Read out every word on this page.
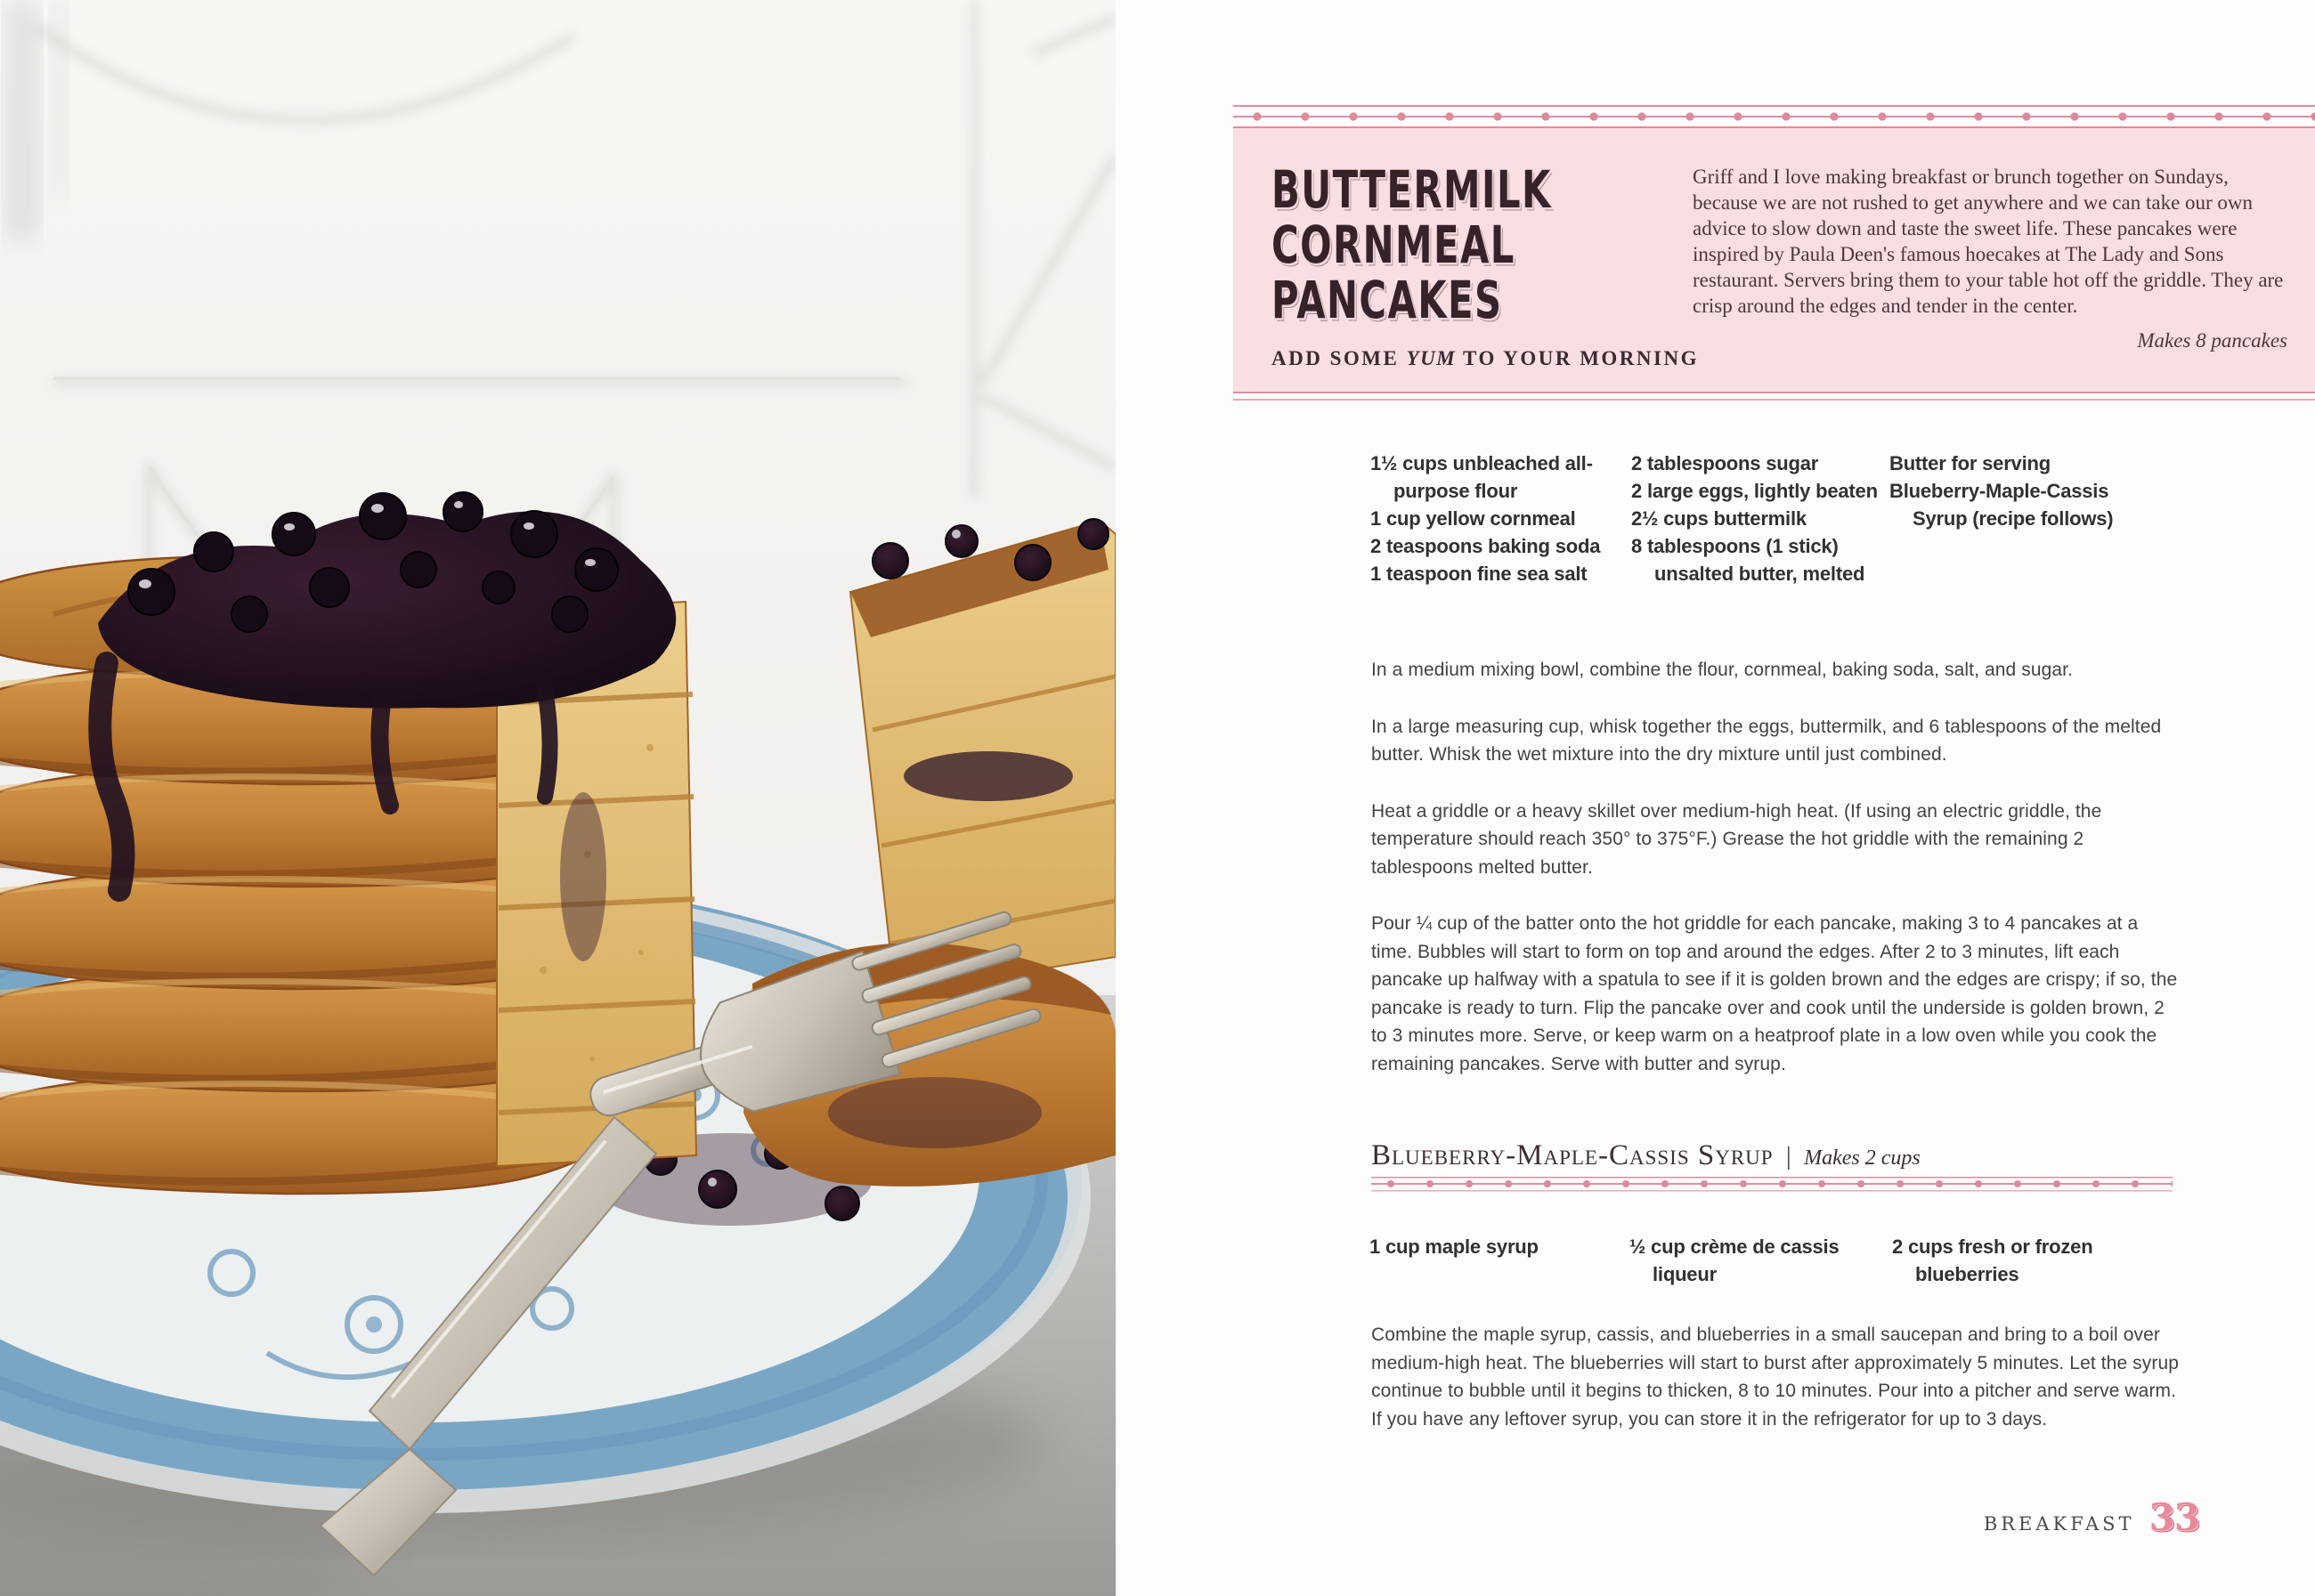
BUTTERMILK
CORNMEAL
PANCAKES
ADD SOME YUM TO YOUR MORNING

Griff and I love making breakfast or brunch together on Sundays, because we are not rushed to get anywhere and we can take our own advice to slow down and taste the sweet life. These pancakes were inspired by Paula Deen's famous hoecakes at The Lady and Sons restaurant. Servers bring them to your table hot off the griddle. They are crisp around the edges and tender in the center.

Makes 8 pancakes

1½ cups unbleached all-purpose flour
1 cup yellow cornmeal
2 teaspoons baking soda
1 teaspoon fine sea salt
2 tablespoons sugar
2 large eggs, lightly beaten
2½ cups buttermilk
8 tablespoons (1 stick) unsalted butter, melted
Butter for serving
Blueberry-Maple-Cassis Syrup (recipe follows)

In a medium mixing bowl, combine the flour, cornmeal, baking soda, salt, and sugar.

In a large measuring cup, whisk together the eggs, buttermilk, and 6 tablespoons of the melted butter. Whisk the wet mixture into the dry mixture until just combined.

Heat a griddle or a heavy skillet over medium-high heat. (If using an electric griddle, the temperature should reach 350° to 375°F.) Grease the hot griddle with the remaining 2 tablespoons melted butter.

Pour ¼ cup of the batter onto the hot griddle for each pancake, making 3 to 4 pancakes at a time. Bubbles will start to form on top and around the edges. After 2 to 3 minutes, lift each pancake up halfway with a spatula to see if it is golden brown and the edges are crispy; if so, the pancake is ready to turn. Flip the pancake over and cook until the underside is golden brown, 2 to 3 minutes more. Serve, or keep warm on a heatproof plate in a low oven while you cook the remaining pancakes. Serve with butter and syrup.

Blueberry-Maple-Cassis Syrup | Makes 2 cups
1 cup maple syrup	½ cup crème de cassis liqueur
2 cups fresh or frozen blueberries

Combine the maple syrup, cassis, and blueberries in a small saucepan and bring to a boil over medium-high heat. The blueberries will start to burst after approximately 5 minutes. Let the syrup continue to bubble until it begins to thicken, 8 to 10 minutes. Pour into a pitcher and serve warm. If you have any leftover syrup, you can store it in the refrigerator for up to 3 days.

BREAKFAST 33
